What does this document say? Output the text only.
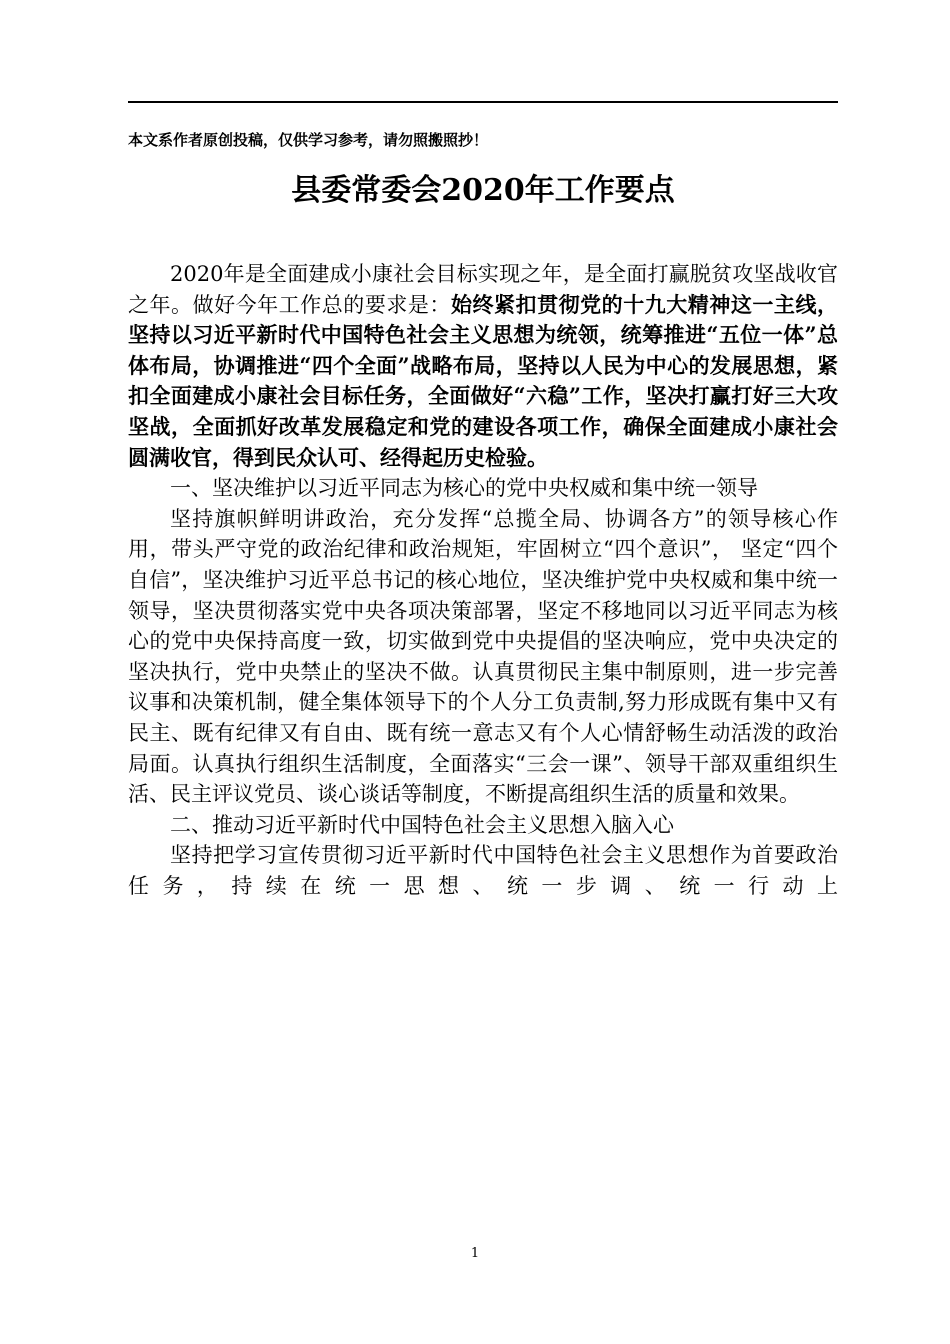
本文系作者原创投稿，仅供学习参考，请勿照搬照抄！
县委常委会2020年工作要点

2020年是全面建成小康社会目标实现之年，是全面打赢脱贫攻坚战收官之年。做好今年工作总的要求是：始终紧扣贯彻党的十九大精神这一主线，坚持以习近平新时代中国特色社会主义思想为统领，统筹推进“五位一体”总体布局，协调推进“四个全面”战略布局，坚持以人民为中心的发展思想，紧扣全面建成小康社会目标任务，全面做好“六稳”工作，坚决打赢打好三大攻坚战，全面抓好改革发展稳定和党的建设各项工作，确保全面建成小康社会圆满收官，得到民众认可、经得起历史检验。

一、坚决维护以习近平同志为核心的党中央权威和集中统一领导

坚持旗帜鲜明讲政治，充分发挥“总揽全局、协调各方”的领导核心作用，带头严守党的政治纪律和政治规矩，牢固树立“四个意识”， 坚定“四个自信”，坚决维护习近平总书记的核心地位，坚决维护党中央权威和集中统一领导，坚决贯彻落实党中央各项决策部署，坚定不移地同以习近平同志为核心的党中央保持高度一致，切实做到党中央提倡的坚决响应，党中央决定的坚决执行，党中央禁止的坚决不做。认真贯彻民主集中制原则，进一步完善议事和决策机制，健全集体领导下的个人分工负责制,努力形成既有集中又有民主、既有纪律又有自由、既有统一意志又有个人心情舒畅生动活泼的政治局面。认真执行组织生活制度，全面落实“三会一课”、领导干部双重组织生活、民主评议党员、谈心谈话等制度，不断提高组织生活的质量和效果。

二、推动习近平新时代中国特色社会主义思想入脑入心

坚持把学习宣传贯彻习近平新时代中国特色社会主义思想作为首要政治任务，持续在统一思想、统一步调、统一行动上

1
